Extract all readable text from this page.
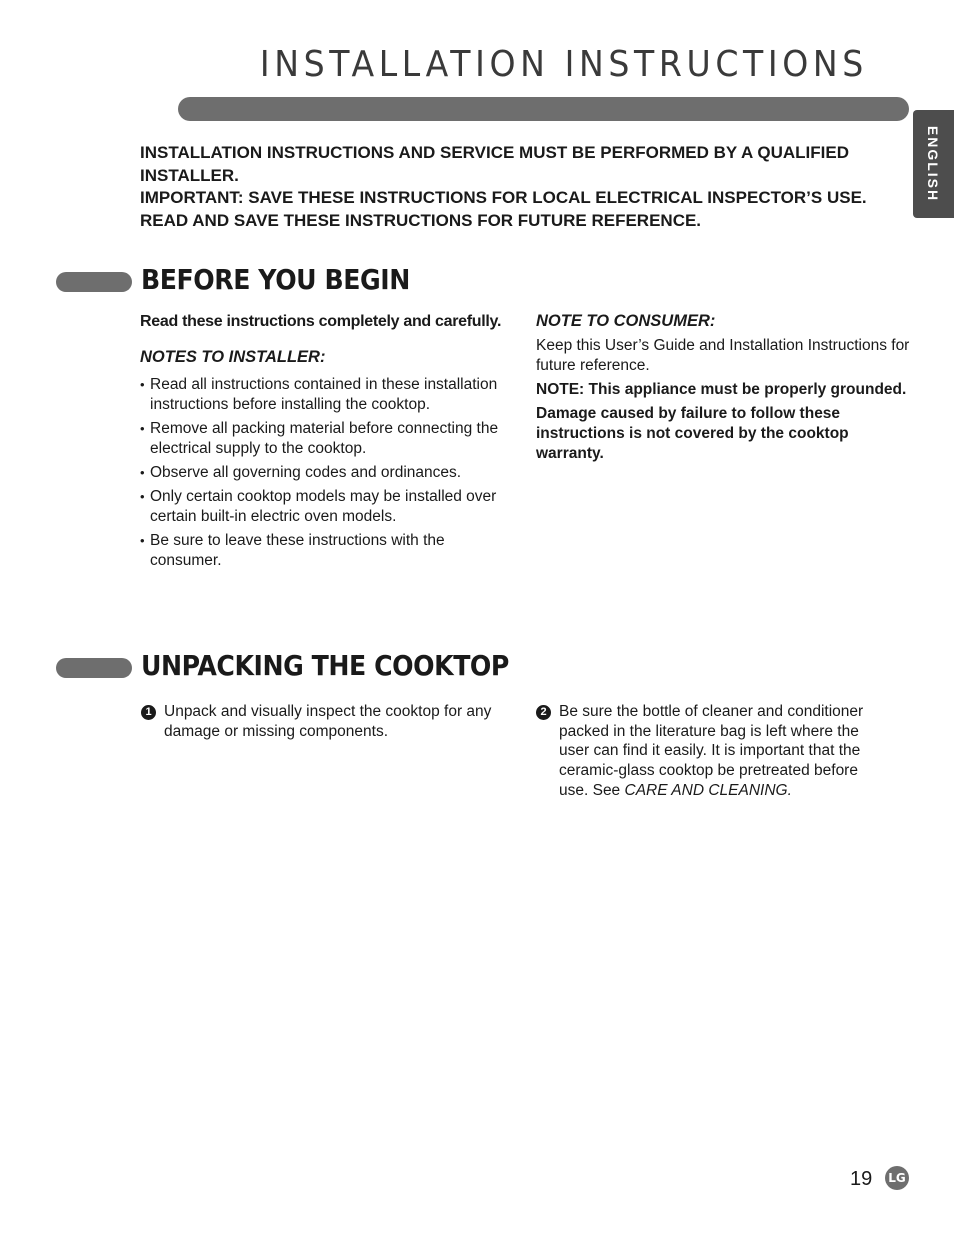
INSTALLATION INSTRUCTIONS
ENGLISH

INSTALLATION INSTRUCTIONS AND SERVICE MUST BE PERFORMED BY A QUALIFIED INSTALLER.

IMPORTANT: SAVE THESE INSTRUCTIONS FOR LOCAL ELECTRICAL INSPECTOR’S USE.

READ AND SAVE THESE INSTRUCTIONS FOR FUTURE REFERENCE.

BEFORE YOU BEGIN

Read these instructions completely and carefully.

NOTES TO INSTALLER:

• Read all instructions contained in these installation instructions before installing the cooktop.
• Remove all packing material before connecting the electrical supply to the cooktop.
• Observe all governing codes and ordinances.
• Only certain cooktop models may be installed over certain built-in electric oven models.
• Be sure to leave these instructions with the consumer.

NOTE TO CONSUMER:

Keep this User’s Guide and Installation Instructions for future reference.

NOTE: This appliance must be properly grounded.

Damage caused by failure to follow these instructions is not covered by the cooktop warranty.

UNPACKING THE COOKTOP
1 Unpack and visually inspect the cooktop for any damage or missing components.
2 Be sure the bottle of cleaner and conditioner packed in the literature bag is left where the user can find it easily. It is important that the ceramic-glass cooktop be pretreated before use. See CARE AND CLEANING.
19 LG
